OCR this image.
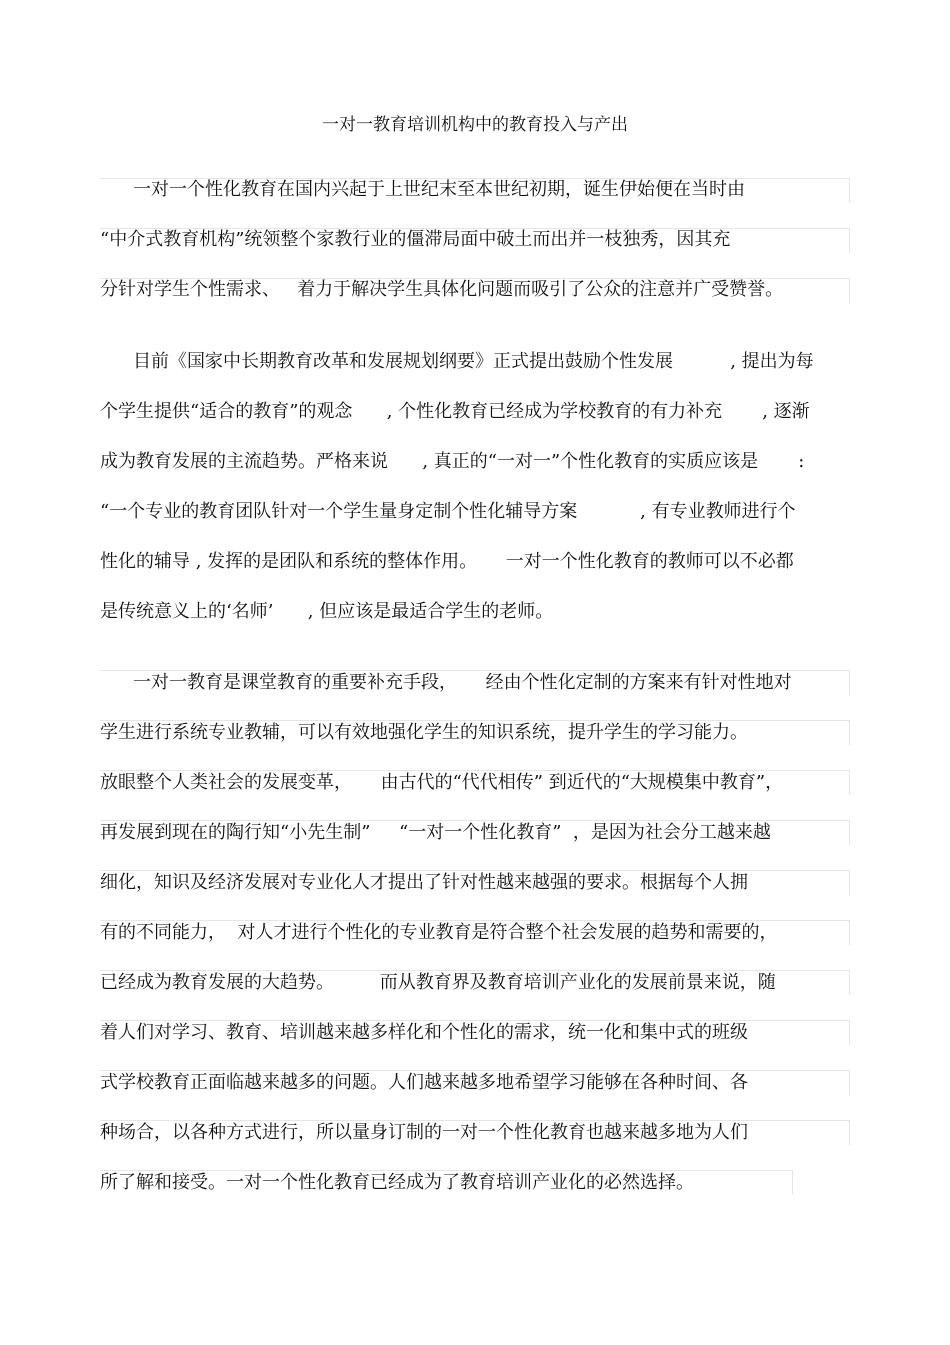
一对一教育培训机构中的教育投入与产出
一对一个性化教育在国内兴起于上世纪末至本世纪初期，诞生伊始便在当时由
“中介式教育机构”统领整个家教行业的僵滞局面中破土而出并一枝独秀，因其充
分针对学生个性需求、   着力于解决学生具体化问题而吸引了公众的注意并广受赞誉。
目前《国家中长期教育改革和发展规划纲要》正式提出鼓励个性发展          , 提出为每
个学生提供“适合的教育”的观念      , 个性化教育已经成为学校教育的有力补充       , 逐渐
成为教育发展的主流趋势。严格来说      , 真正的“一对一”个性化教育的实质应该是       :
“一个专业的教育团队针对一个学生量身定制个性化辅导方案           , 有专业教师进行个
性化的辅导 , 发挥的是团队和系统的整体作用。     一对一个性化教育的教师可以不必都
是传统意义上的‘名师’      , 但应该是最适合学生的老师。
一对一教育是课堂教育的重要补充手段，     经由个性化定制的方案来有针对性地对
学生进行系统专业教辅，可以有效地强化学生的知识系统，提升学生的学习能力。
放眼整个人类社会的发展变革，     由古代的“代代相传” 到近代的“大规模集中教育”，
再发展到现在的陶行知“小先生制”     “一对一个性化教育”  ，是因为社会分工越来越
细化，知识及经济发展对专业化人才提出了针对性越来越强的要求。根据每个人拥
有的不同能力，  对人才进行个性化的专业教育是符合整个社会发展的趋势和需要的，
已经成为教育发展的大趋势。        而从教育界及教育培训产业化的发展前景来说，随
着人们对学习、教育、培训越来越多样化和个性化的需求，统一化和集中式的班级
式学校教育正面临越来越多的问题。人们越来越多地希望学习能够在各种时间、各
种场合，以各种方式进行，所以量身订制的一对一个性化教育也越来越多地为人们
所了解和接受。一对一个性化教育已经成为了教育培训产业化的必然选择。
